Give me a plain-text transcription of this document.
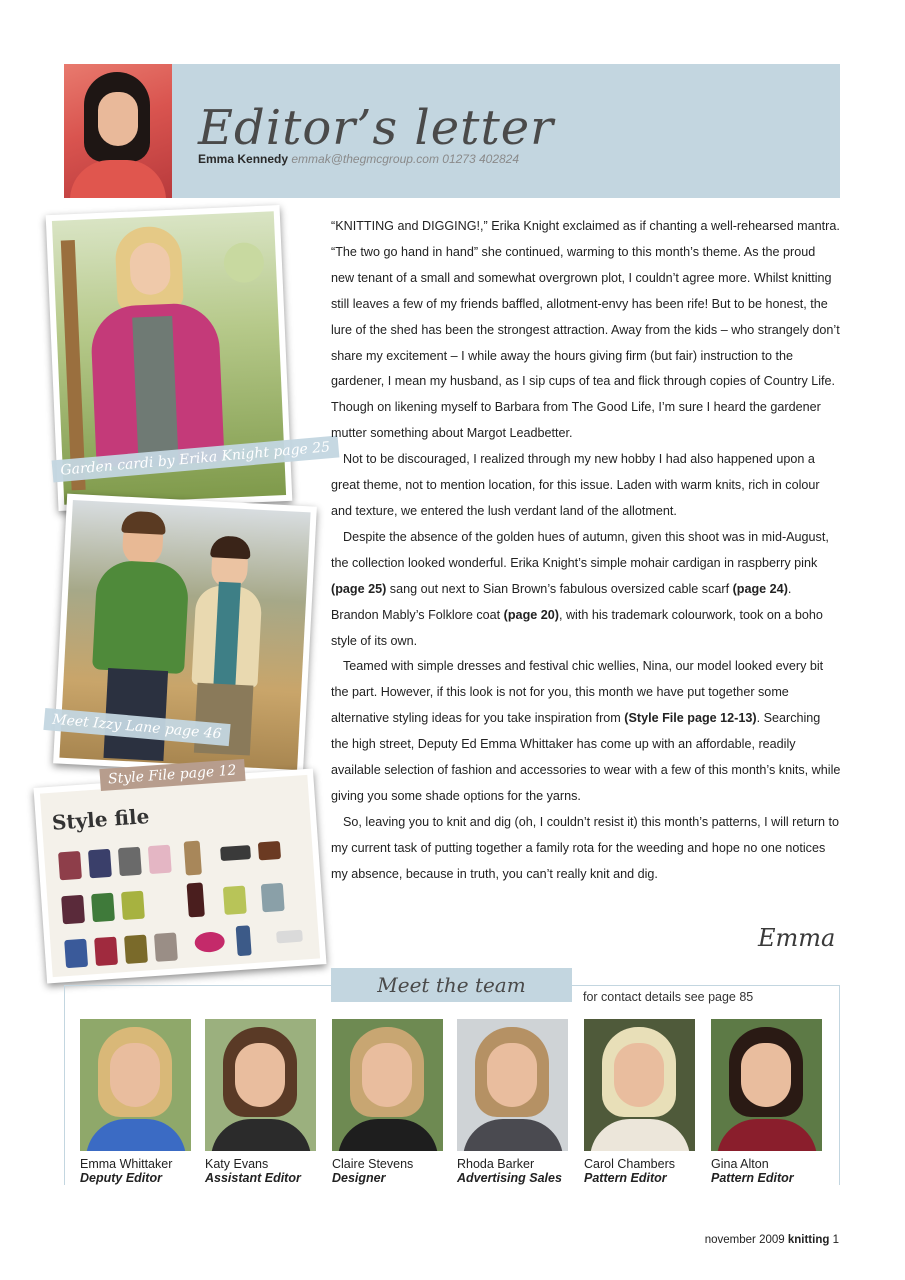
Editor’s letter
Emma Kennedy emmak@thegmcgroup.com 01273 402824
Style file
Garden cardi by Erika Knight page 25
Meet Izzy Lane page 46
Style File page 12

“KNITTING and DIGGING!,” Erika Knight exclaimed as if chanting a well-rehearsed mantra. “The two go hand in hand” she continued, warming to this month’s theme. As the proud new tenant of a small and somewhat overgrown plot, I couldn’t agree more. Whilst knitting still leaves a few of my friends baffled, allotment-envy has been rife! But to be honest, the lure of the shed has been the strongest attraction. Away from the kids – who strangely don’t share my excitement – I while away the hours giving firm (but fair) instruction to the gardener, I mean my husband, as I sip cups of tea and flick through copies of Country Life. Though on likening myself to Barbara from The Good Life, I’m sure I heard the gardener mutter something about Margot Leadbetter.

Not to be discouraged, I realized through my new hobby I had also happened upon a great theme, not to mention location, for this issue. Laden with warm knits, rich in colour and texture, we entered the lush verdant land of the allotment.

Despite the absence of the golden hues of autumn, given this shoot was in mid-August, the collection looked wonderful. Erika Knight’s simple mohair cardigan in raspberry pink (page 25) sang out next to Sian Brown’s fabulous oversized cable scarf (page 24). Brandon Mably’s Folklore coat (page 20), with his trademark colourwork, took on a boho style of its own.

Teamed with simple dresses and festival chic wellies, Nina, our model looked every bit the part. However, if this look is not for you, this month we have put together some alternative styling ideas for you take inspiration from (Style File page 12-13). Searching the high street, Deputy Ed Emma Whittaker has come up with an affordable, readily available selection of fashion and accessories to wear with a few of this month’s knits, while giving you some shade options for the yarns.

So, leaving you to knit and dig (oh, I couldn’t resist it) this month’s patterns, I will return to my current task of putting together a family rota for the weeding and hope no one notices my absence, because in truth, you can’t really knit and dig.

Emma
Meet the team	for contact details see page 85
Emma Whittaker
Deputy Editor
Katy Evans
Assistant Editor
Claire Stevens
Designer
Rhoda Barker
Advertising Sales
Carol Chambers
Pattern Editor
Gina Alton
Pattern Editor
november 2009 knitting 1
